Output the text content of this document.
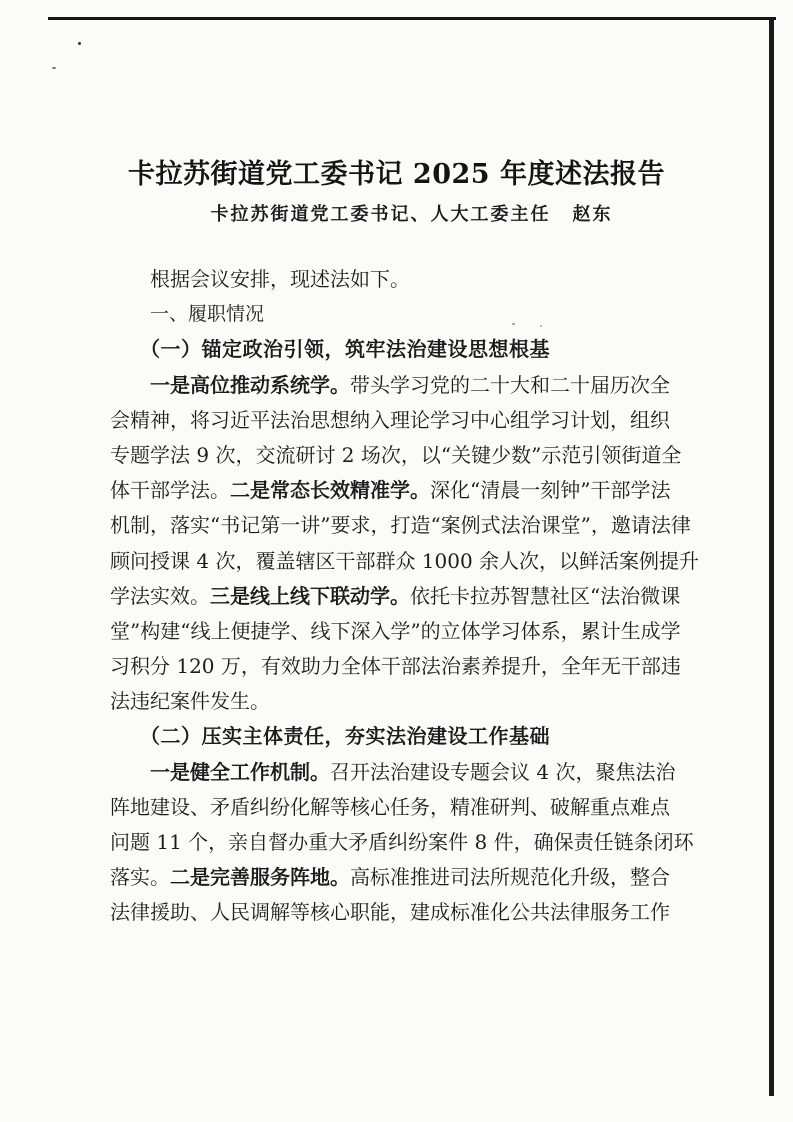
卡拉苏街道党工委书记 2025 年度述法报告
卡拉苏街道党工委书记、人大工委主任 赵东
根据会议安排，现述法如下。
一、履职情况
（一）锚定政治引领，筑牢法治建设思想根基
一是高位推动系统学。带头学习党的二十大和二十届历次全
会精神，将习近平法治思想纳入理论学习中心组学习计划，组织
专题学法 9 次，交流研讨 2 场次，以“关键少数”示范引领街道全
体干部学法。二是常态长效精准学。深化“清晨一刻钟”干部学法
机制，落实“书记第一讲”要求，打造“案例式法治课堂”，邀请法律
顾问授课 4 次，覆盖辖区干部群众 1000 余人次，以鲜活案例提升
学法实效。三是线上线下联动学。依托卡拉苏智慧社区“法治微课
堂”构建“线上便捷学、线下深入学”的立体学习体系，累计生成学
习积分 120 万，有效助力全体干部法治素养提升，全年无干部违
法违纪案件发生。
（二）压实主体责任，夯实法治建设工作基础
一是健全工作机制。召开法治建设专题会议 4 次，聚焦法治
阵地建设、矛盾纠纷化解等核心任务，精准研判、破解重点难点
问题 11 个，亲自督办重大矛盾纠纷案件 8 件，确保责任链条闭环
落实。二是完善服务阵地。高标准推进司法所规范化升级，整合
法律援助、人民调解等核心职能，建成标准化公共法律服务工作
